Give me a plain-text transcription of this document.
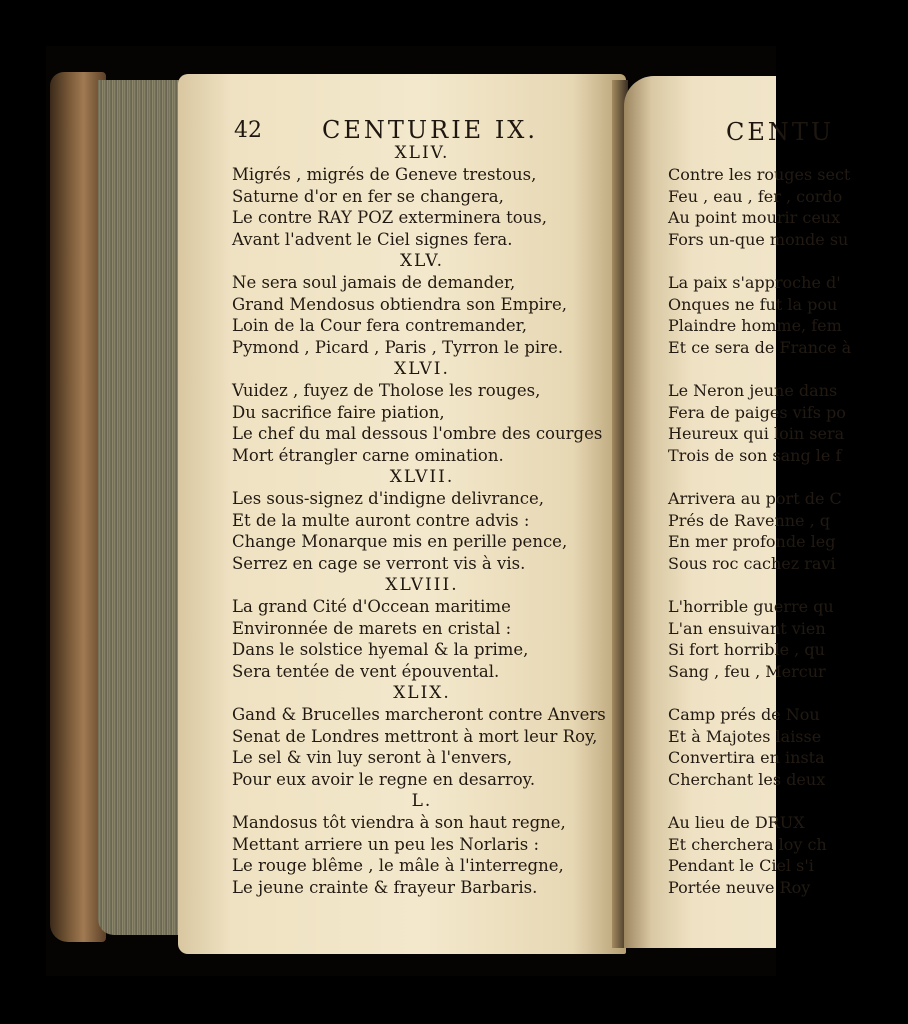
42	CENTURIE IX.
XLIV.
Migrés , migrés de Geneve trestous,
Saturne d'or en fer se changera,
Le contre RAY POZ exterminera tous,
Avant l'advent le Ciel signes fera.
XLV.
Ne sera soul jamais de demander,
Grand Mendosus obtiendra son Empire,
Loin de la Cour fera contremander,
Pymond , Picard , Paris , Tyrron le pire.
XLVI.
Vuidez , fuyez de Tholose les rouges,
Du sacrifice faire piation,
Le chef du mal dessous l'ombre des courges
Mort étrangler carne omination.
XLVII.
Les sous-signez d'indigne delivrance,
Et de la multe auront contre advis :
Change Monarque mis en perille pence,
Serrez en cage se verront vis à vis.
XLVIII.
La grand Cité d'Occean maritime
Environnée de marets en cristal :
Dans le solstice hyemal & la prime,
Sera tentée de vent épouvental.
XLIX.
Gand & Brucelles marcheront contre Anvers
Senat de Londres mettront à mort leur Roy,
Le sel & vin luy seront à l'envers,
Pour eux avoir le regne en desarroy.
L.
Mandosus tôt viendra à son haut regne,
Mettant arriere un peu les Norlaris :
Le rouge blême , le mâle à l'interregne,
Le jeune crainte & frayeur Barbaris.
CENTU
Contre les rouges sect
Feu , eau , fer , cordo
Au point mourir ceux
Fors un-que monde su
La paix s'approche d'
Onques ne fut la pou
Plaindre homme, fem
Et ce sera de France à
Le Neron jeune dans
Fera de paiges vifs po
Heureux qui loin sera
Trois de son sang le f
Arrivera au port de C
Prés de Ravenne , q
En mer profonde leg
Sous roc cachez ravi
L'horrible guerre qu
L'an ensuivant vien
Si fort horrible , qu
Sang , feu , Mercur
Camp prés de Nou
Et à Majotes laisse
Convertira en insta
Cherchant les deux
Au lieu de DRUX
Et cherchera loy ch
Pendant le Ciel s'i
Portée neuve Roy
